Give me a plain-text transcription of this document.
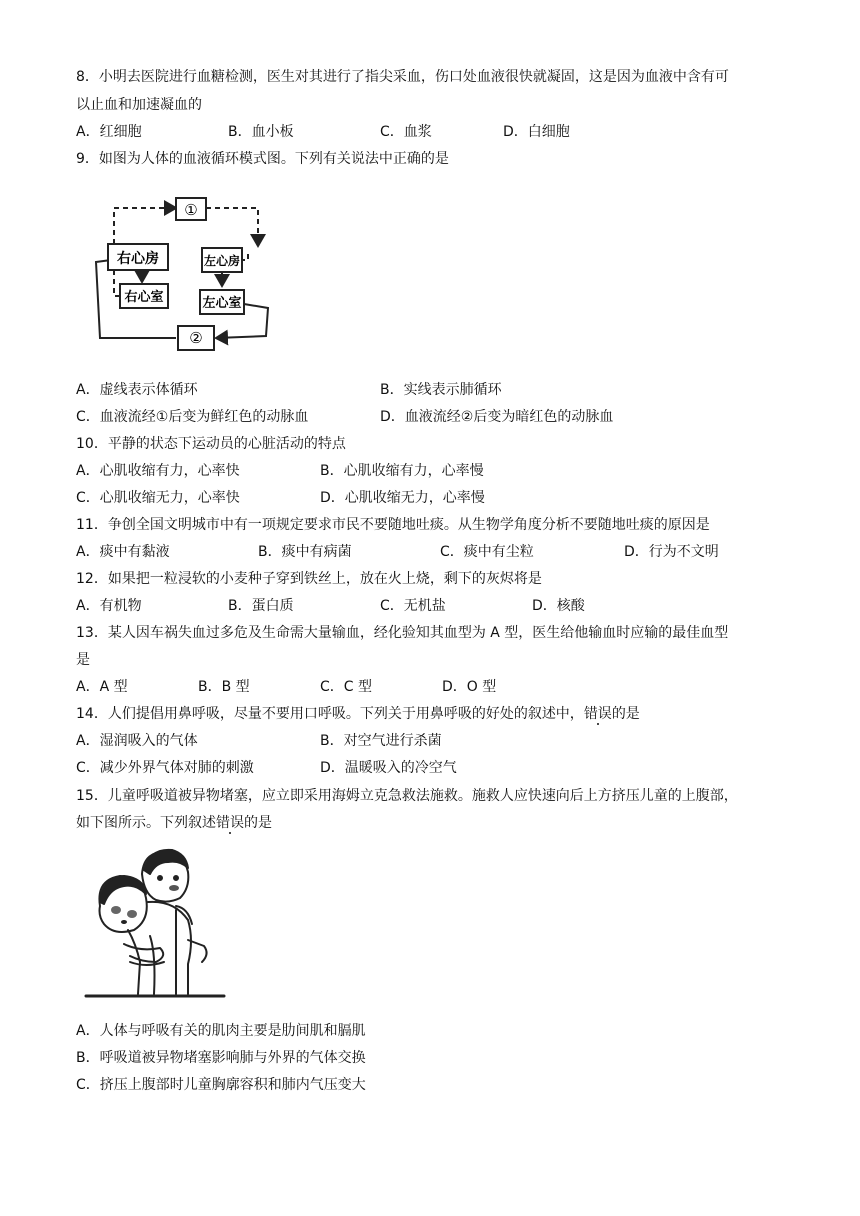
8．小明去医院进行血糖检测，医生对其进行了指尖采血，伤口处血液很快就凝固，这是因为血液中含有可
以止血和加速凝血的
A．红细胞	B．血小板	C．血浆	D．白细胞
9．如图为人体的血液循环模式图。下列有关说法中正确的是
①
右心房	左心房
右心室	左心室
②
A．虚线表示体循环	B．实线表示肺循环
C．血液流经①后变为鲜红色的动脉血	D．血液流经②后变为暗红色的动脉血
10．平静的状态下运动员的心脏活动的特点
A．心肌收缩有力，心率快	B．心肌收缩有力，心率慢
C．心肌收缩无力，心率快	D．心肌收缩无力，心率慢
11．争创全国文明城市中有一项规定要求市民不要随地吐痰。从生物学角度分析不要随地吐痰的原因是
A．痰中有黏液	B．痰中有病菌	C．痰中有尘粒	D．行为不文明
12．如果把一粒浸软的小麦种子穿到铁丝上，放在火上烧，剩下的灰烬将是
A．有机物	B．蛋白质	C．无机盐	D．核酸
13．某人因车祸失血过多危及生命需大量输血，经化验知其血型为 A 型，医生给他输血时应输的最佳血型
是
A．A 型	B．B 型	C．C 型	D．O 型
14．人们提倡用鼻呼吸，尽量不要用口呼吸。下列关于用鼻呼吸的好处的叙述中，错误的是
A．湿润吸入的气体	B．对空气进行杀菌
C．减少外界气体对肺的刺激	D．温暖吸入的冷空气
15．儿童呼吸道被异物堵塞，应立即采用海姆立克急救法施救。施救人应快速向后上方挤压儿童的上腹部，
如下图所示。下列叙述错误的是
A．人体与呼吸有关的肌肉主要是肋间肌和膈肌
B．呼吸道被异物堵塞影响肺与外界的气体交换
C．挤压上腹部时儿童胸廓容积和肺内气压变大
